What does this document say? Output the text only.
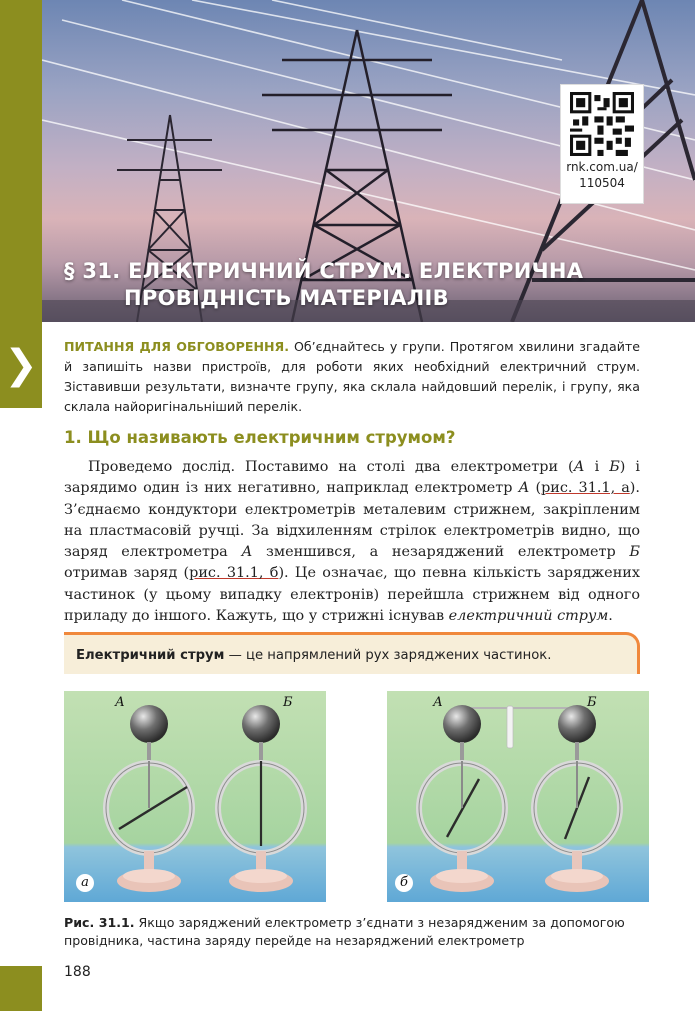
rnk.com.ua/
110504
§ 31. ЕЛЕКТРИЧНИЙ СТРУМ. ЕЛЕКТРИЧНА
ПРОВІДНІСТЬ МАТЕРІАЛІВ
❯	ПИТАННЯ ДЛЯ ОБГОВОРЕННЯ. Об’єднайтесь у групи. Протягом хвилини згадайте й запишіть назви пристроїв, для роботи яких необхідний електричний струм. Зіставивши результати, визначте групу, яка склала найдовший перелік, і групу, яка склала найоригінальніший перелік.
1. Що називають електричним струмом?

Проведемо дослід. Поставимо на столі два електрометри (А і Б) і зарядимо один із них негативно, наприклад електрометр А (рис. 31.1, а). З’єднаємо кондуктори електрометрів металевим стрижнем, закріпленим на пластмасовій ручці. За відхиленням стрілок електрометрів видно, що заряд електрометра А зменшився, а незаряджений електрометр Б отримав заряд (рис. 31.1, б). Це означає, що певна кількість заряджених частинок (у цьому випадку електронів) перейшла стрижнем від одного приладу до іншого. Кажуть, що у стрижні існував електричний струм.

Електричний струм — це напрямлений рух заряджених частинок.
А	Б
а
А	Б
б
Рис. 31.1. Якщо заряджений електрометр з’єднати з незарядженим за допомогою провідника, частина заряду перейде на незаряджений електрометр
188
